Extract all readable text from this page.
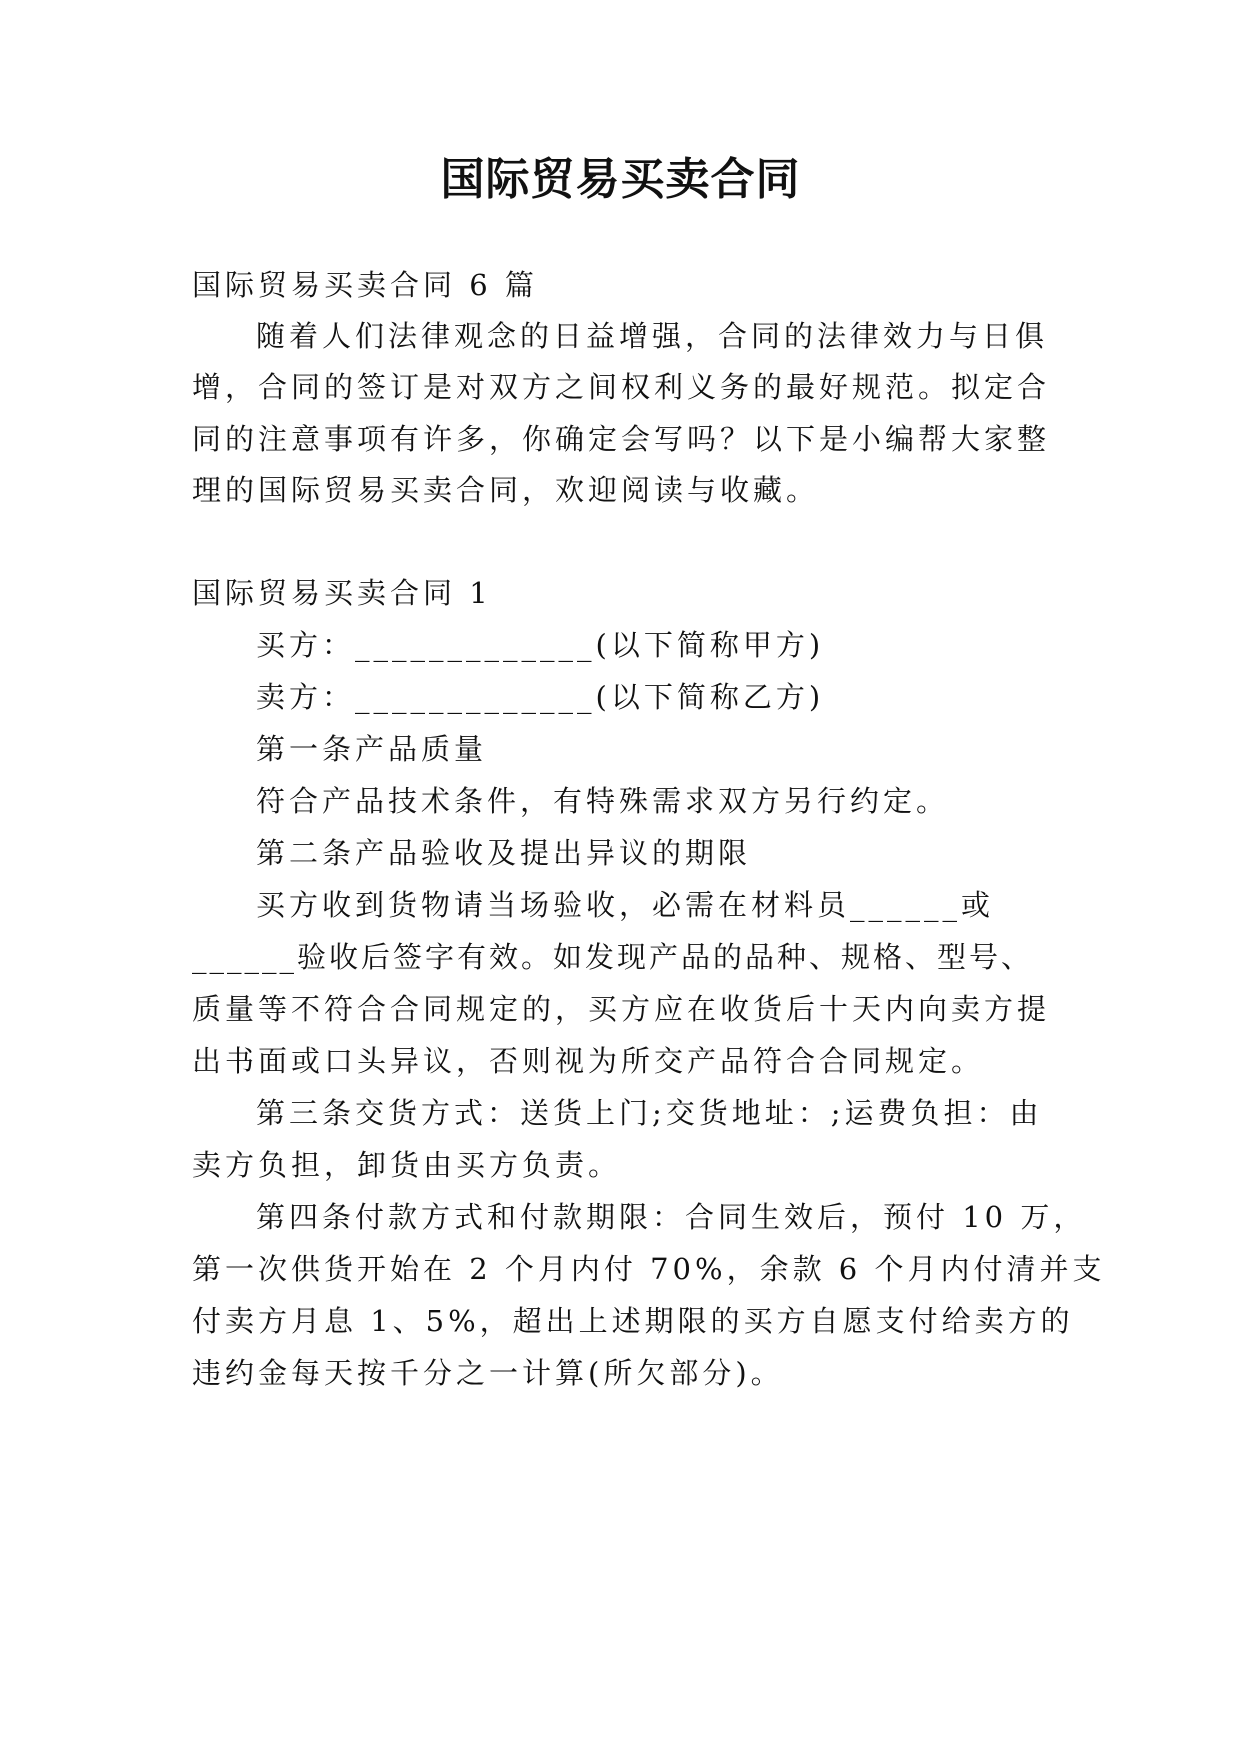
国际贸易买卖合同

国际贸易买卖合同 6 篇

随着人们法律观念的日益增强，合同的法律效力与日俱

增，合同的签订是对双方之间权利义务的最好规范。拟定合

同的注意事项有许多，你确定会写吗？以下是小编帮大家整

理的国际贸易买卖合同，欢迎阅读与收藏。

国际贸易买卖合同 1

买方：_____________(以下简称甲方)

卖方：_____________(以下简称乙方)

第一条产品质量

符合产品技术条件，有特殊需求双方另行约定。

第二条产品验收及提出异议的期限

买方收到货物请当场验收，必需在材料员______或

______验收后签字有效。如发现产品的品种、规格、型号、

质量等不符合合同规定的，买方应在收货后十天内向卖方提

出书面或口头异议，否则视为所交产品符合合同规定。

第三条交货方式：送货上门;交货地址：;运费负担：由

卖方负担，卸货由买方负责。

第四条付款方式和付款期限：合同生效后，预付 10 万，

第一次供货开始在 2 个月内付 70%，余款 6 个月内付清并支

付卖方月息 1、5%，超出上述期限的买方自愿支付给卖方的

违约金每天按千分之一计算(所欠部分)。
